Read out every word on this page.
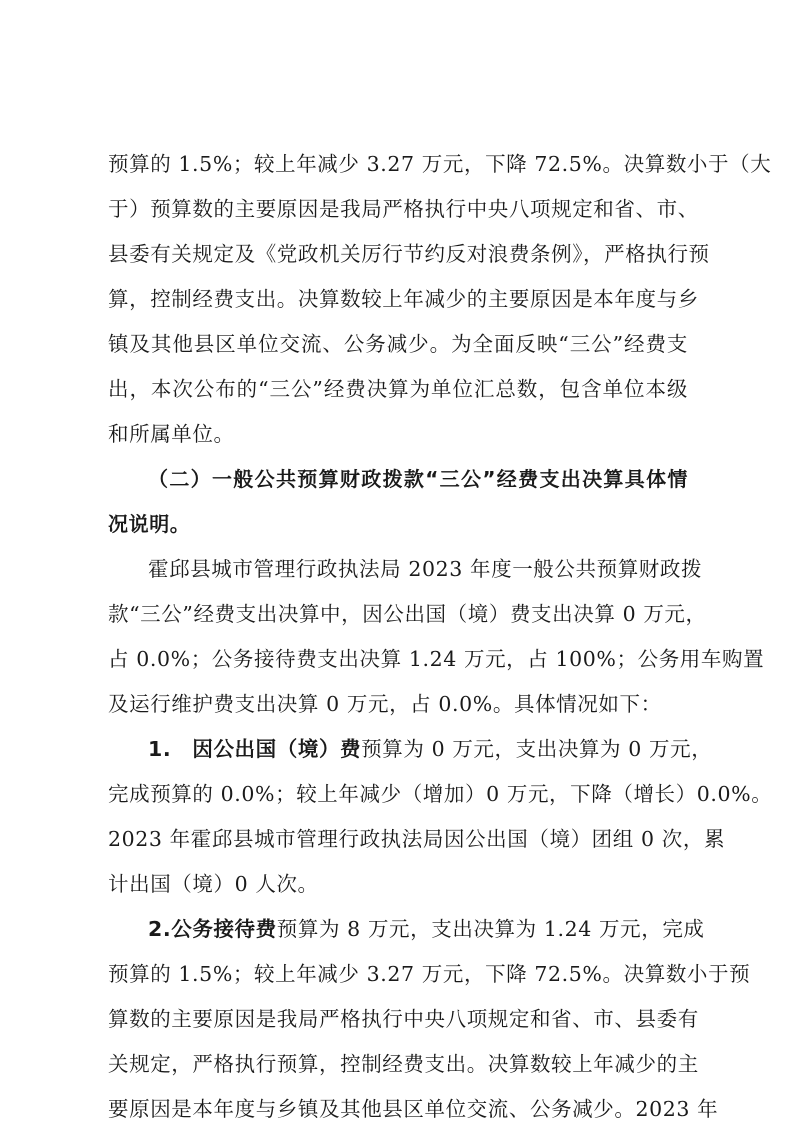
预算的 1.5%；较上年减少 3.27 万元，下降 72.5%。决算数小于（大
于）预算数的主要原因是我局严格执行中央八项规定和省、市、
县委有关规定及《党政机关厉行节约反对浪费条例》，严格执行预
算，控制经费支出。决算数较上年减少的主要原因是本年度与乡
镇及其他县区单位交流、公务减少。为全面反映“三公”经费支
出，本次公布的“三公”经费决算为单位汇总数，包含单位本级
和所属单位。
（二）一般公共预算财政拨款“三公”经费支出决算具体情
况说明。
霍邱县城市管理行政执法局 2023 年度一般公共预算财政拨
款“三公”经费支出决算中，因公出国（境）费支出决算 0 万元，
占 0.0%；公务接待费支出决算 1.24 万元，占 100%；公务用车购置
及运行维护费支出决算 0 万元，占 0.0%。具体情况如下：
1.　因公出国（境）费预算为 0 万元，支出决算为 0 万元，
完成预算的 0.0%；较上年减少（增加）0 万元，下降（增长）0.0%。
2023 年霍邱县城市管理行政执法局因公出国（境）团组 0 次，累
计出国（境）0 人次。
2.公务接待费预算为 8 万元，支出决算为 1.24 万元，完成
预算的 1.5%；较上年减少 3.27 万元，下降 72.5%。决算数小于预
算数的主要原因是我局严格执行中央八项规定和省、市、县委有
关规定，严格执行预算，控制经费支出。决算数较上年减少的主
要原因是本年度与乡镇及其他县区单位交流、公务减少。2023 年
